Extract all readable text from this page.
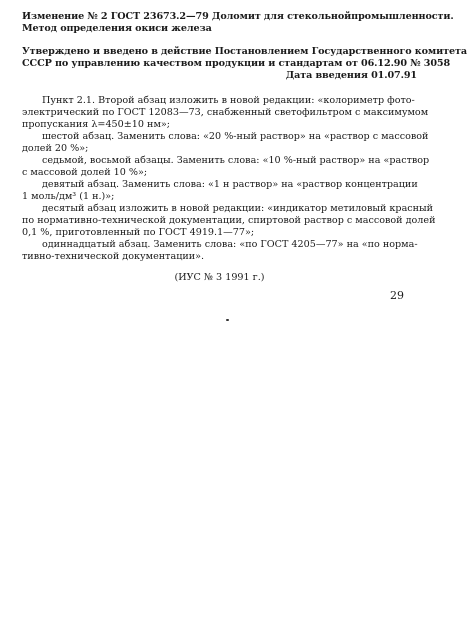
Изменение № 2 ГОСТ 23673.2—79 Доломит для стекольной промышленности.
Метод определения окиси железа
Утверждено и введено в действие Постановлением Государственного комитета
СССР по управлению качеством продукции и стандартам от 06.12.90 № 3058
Дата введения 01.07.91
Пункт 2.1. Второй абзац изложить в новой редакции: «колориметр фото-
электрический по ГОСТ 12083—73, снабженный светофильтром с максимумом
пропускания λ=450±10 нм»;
шестой абзац. Заменить слова: «20 %-ный раствор» на «раствор с массовой
долей 20 %»;
седьмой, восьмой абзацы. Заменить слова: «10 %-ный раствор» на «раствор
с массовой долей 10 %»;
девятый абзац. Заменить слова: «1 н раствор» на «раствор концентрации
1 моль/дм³ (1 н.)»;
десятый абзац изложить в новой редакции: «индикатор метиловый красный
по нормативно-технической документации, спиртовой раствор с массовой долей
0,1 %, приготовленный по ГОСТ 4919.1—77»;
одиннадцатый абзац. Заменить слова: «по ГОСТ 4205—77» на «по норма-
тивно-технической документации».
(ИУС № 3 1991 г.)
29
